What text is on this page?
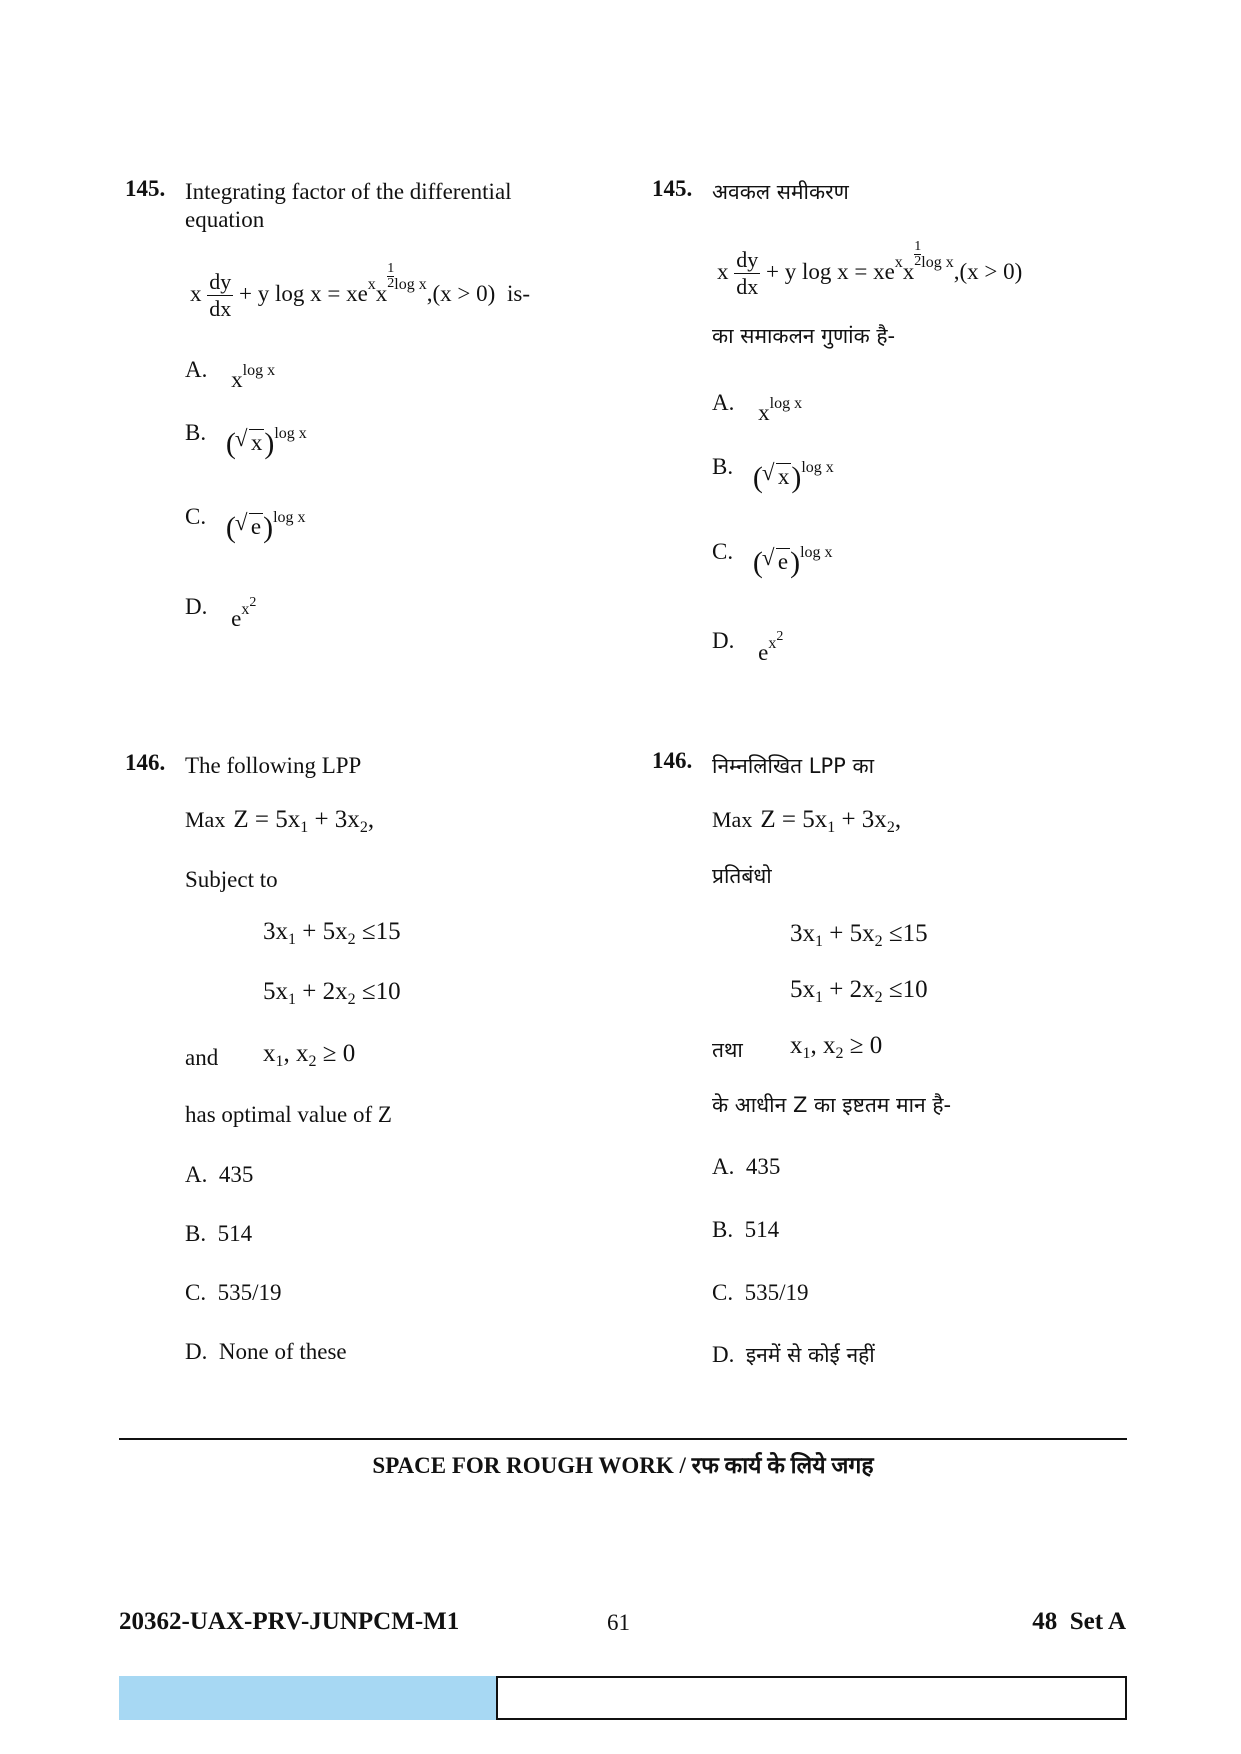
145. Integrating factor of the differential
equation
x $\frac{dy}{dx} + y$ $\log x = xe^xx$
$\frac{1}{2} ^{log x},(x > 0)$ is-
A. $x^{log x}$
B. ( √ x)$^{log x}$
C. ( √ e)$^{log x}$
D. $e^{x^2}$
145. अवकल समीकरण
x $\frac{dy}{dx} + y$ $\log x = xe^xx$
$\frac{1}{2} ^{log x},(x > 0)$
का समाकलन गुणांक है-
A. $x^{log x}$
B. ( √ x)$^{log x}$
C. ( √ e)$^{log x}$
D. $e^{x^2}$
146. The following LPP
Max $Z = 5x_1 + 3x_2$,
Subject to
$3x_1 + 5x_2 \le 15$
$5x_1 + 2x_2 \le 10$
and $x_1$, $x_2 \ge 0$
has optimal value of Z
A. 435
B. 514
C. 535/19
D. None of these
146. निम्नलिखित LPP का
Max $Z = 5x_1 + 3x_2$,
प्रतिबंधो
$3x_1 + 5x_2 \le 15$
$5x_1 + 2x_2 \le 10$
तथा $x_1$, $x_2 \ge 0$
के आधीन Z का इष्टतम मान है-
A. 435
B. 514
C. 535/19
D. इनमें से कोई नहीं
SPACE FOR ROUGH WORK / रफ कार्य के लिये जगह
20362-UAX-PRV-JUNPCM-M1	61	48  Set A
